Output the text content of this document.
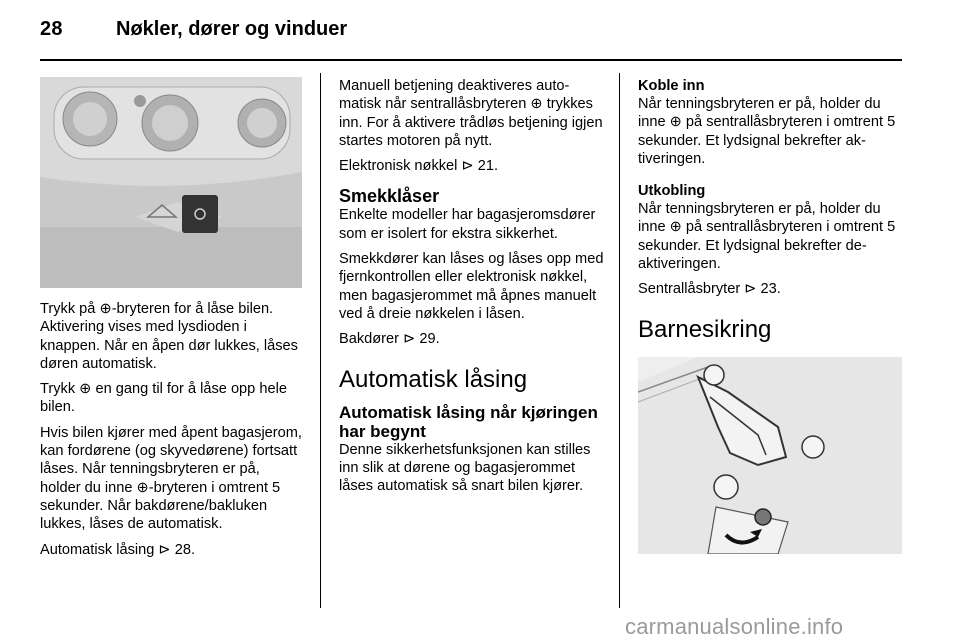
28	Nøkler, dører og vinduer
Trykk på ⊕-bryteren for å låse bilen. Aktivering vises med lysdioden i knappen. Når en åpen dør lukkes, låses døren automatisk.
Trykk ⊕ en gang til for å låse opp hele bilen.
Hvis bilen kjører med åpent bagasjerom, kan fordørene (og skyvedørene) fortsatt låses. Når tenningsbryteren er på, holder du inne ⊕-bryteren i omtrent 5 sekunder. Når bakdørene/bakluken lukkes, låses de automatisk.
Automatisk låsing ⊳ 28.
Manuell betjening deaktiveres automatisk når sentrallåsbryteren ⊕ trykkes inn. For å aktivere trådløs betjening igjen startes motoren på nytt.
Elektronisk nøkkel ⊳ 21.
Smekklåser
Enkelte modeller har bagasjeromsdører som er isolert for ekstra sikkerhet.
Smekkdører kan låses og låses opp med fjernkontrollen eller elektronisk nøkkel, men bagasjerommet må åpnes manuelt ved å dreie nøkkelen i låsen.
Bakdører ⊳ 29.
Automatisk låsing
Automatisk låsing når kjøringen har begynt
Denne sikkerhetsfunksjonen kan stilles inn slik at dørene og bagasjerommet låses automatisk så snart bilen kjører.
Koble inn
Når tenningsbryteren er på, holder du inne ⊕ på sentrallåsbryteren i omtrent 5 sekunder. Et lydsignal bekrefter aktiveringen.
Utkobling
Når tenningsbryteren er på, holder du inne ⊕ på sentrallåsbryteren i omtrent 5 sekunder. Et lydsignal bekrefter deaktiveringen.
Sentrallåsbryter ⊳ 23.
Barnesikring
carmanualsonline.info
